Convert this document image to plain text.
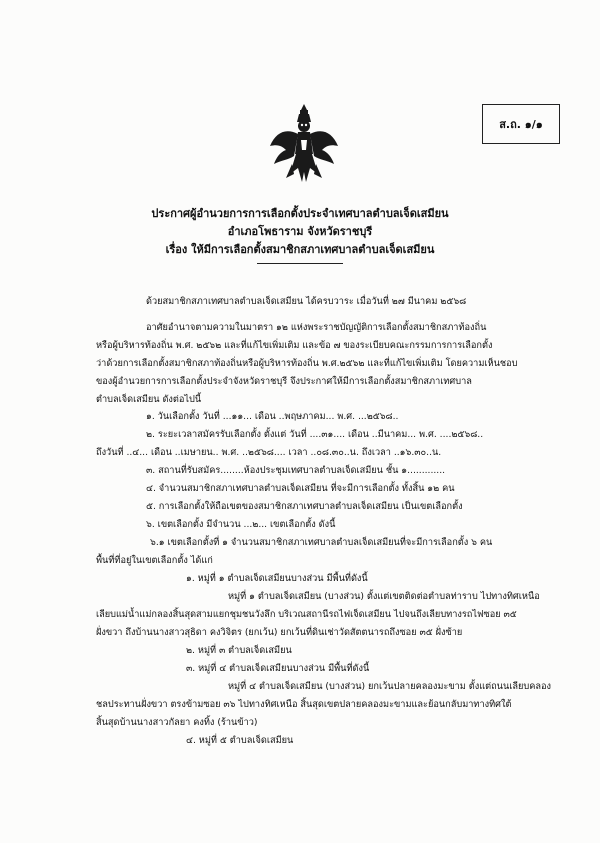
ส.ถ. ๑/๑
ประกาศผู้อำนวยการการเลือกตั้งประจำเทศบาลตำบลเจ็ดเสมียน
อำเภอโพธาราม จังหวัดราชบุรี
เรื่อง ให้มีการเลือกตั้งสมาชิกสภาเทศบาลตำบลเจ็ดเสมียน
ด้วยสมาชิกสภาเทศบาลตำบลเจ็ดเสมียน ได้ครบวาระ เมื่อวันที่ ๒๗ มีนาคม ๒๕๖๘
อาศัยอำนาจตามความในมาตรา ๑๒ แห่งพระราชบัญญัติการเลือกตั้งสมาชิกสภาท้องถิ่น
หรือผู้บริหารท้องถิ่น พ.ศ. ๒๕๖๒ และที่แก้ไขเพิ่มเติม และข้อ ๗ ของระเบียบคณะกรรมการการเลือกตั้ง
ว่าด้วยการเลือกตั้งสมาชิกสภาท้องถิ่นหรือผู้บริหารท้องถิ่น พ.ศ.๒๕๖๒ และที่แก้ไขเพิ่มเติม โดยความเห็นชอบ
ของผู้อำนวยการการเลือกตั้งประจำจังหวัดราชบุรี จึงประกาศให้มีการเลือกตั้งสมาชิกสภาเทศบาล
ตำบลเจ็ดเสมียน ดังต่อไปนี้
๑. วันเลือกตั้ง วันที่ ...๑๑... เดือน ..พฤษภาคม... พ.ศ. ...๒๕๖๘..
๒. ระยะเวลาสมัครรับเลือกตั้ง ตั้งแต่ วันที่ ....๓๑.... เดือน ..มีนาคม... พ.ศ. ....๒๕๖๘..
ถึงวันที่ ..๔... เดือน ..เมษายน.. พ.ศ. ..๒๕๖๘.... เวลา ..๐๘.๓๐..น. ถึงเวลา ..๑๖.๓๐..น.
๓. สถานที่รับสมัคร........ห้องประชุมเทศบาลตำบลเจ็ดเสมียน ชั้น ๑.............
๔. จำนวนสมาชิกสภาเทศบาลตำบลเจ็ดเสมียน ที่จะมีการเลือกตั้ง ทั้งสิ้น ๑๒ คน
๕. การเลือกตั้งให้ถือเขตของสมาชิกสภาเทศบาลตำบลเจ็ดเสมียน เป็นเขตเลือกตั้ง
๖. เขตเลือกตั้ง มีจำนวน ...๒... เขตเลือกตั้ง ดังนี้
๖.๑ เขตเลือกตั้งที่ ๑ จำนวนสมาชิกสภาเทศบาลตำบลเจ็ดเสมียนที่จะมีการเลือกตั้ง ๖ คน
พื้นที่ที่อยู่ในเขตเลือกตั้ง ได้แก่
๑. หมู่ที่ ๑ ตำบลเจ็ดเสมียนบางส่วน มีพื้นที่ดังนี้
หมู่ที่ ๑ ตำบลเจ็ดเสมียน (บางส่วน) ตั้งแต่เขตติดต่อตำบลท่าราบ ไปทางทิศเหนือ
เลียบแม่น้ำแม่กลองสิ้นสุดสามแยกชุมชนวังลึก บริเวณสถานีรถไฟเจ็ดเสมียน ไปจนถึงเลียบทางรถไฟซอย ๓๕
ฝั่งขวา ถึงบ้านนางสาวสุธิดา คงวิจิตร (ยกเว้น) ยกเว้นที่ดินเช่าวัดสัตตนารถถึงซอย ๓๕ ฝั่งซ้าย
๒. หมู่ที่ ๓ ตำบลเจ็ดเสมียน
๓. หมู่ที่ ๔ ตำบลเจ็ดเสมียนบางส่วน มีพื้นที่ดังนี้
หมู่ที่ ๔ ตำบลเจ็ดเสมียน (บางส่วน) ยกเว้นปลายคลองมะขาม ตั้งแต่ถนนเลียบคลอง
ชลประทานฝั่งขวา ตรงข้ามซอย ๓๖ ไปทางทิศเหนือ สิ้นสุดเขตปลายคลองมะขามและย้อนกลับมาทางทิศใต้
สิ้นสุดบ้านนางสาวกัลยา คงทิ้ง (ร้านข้าว)
๔. หมู่ที่ ๕ ตำบลเจ็ดเสมียน
